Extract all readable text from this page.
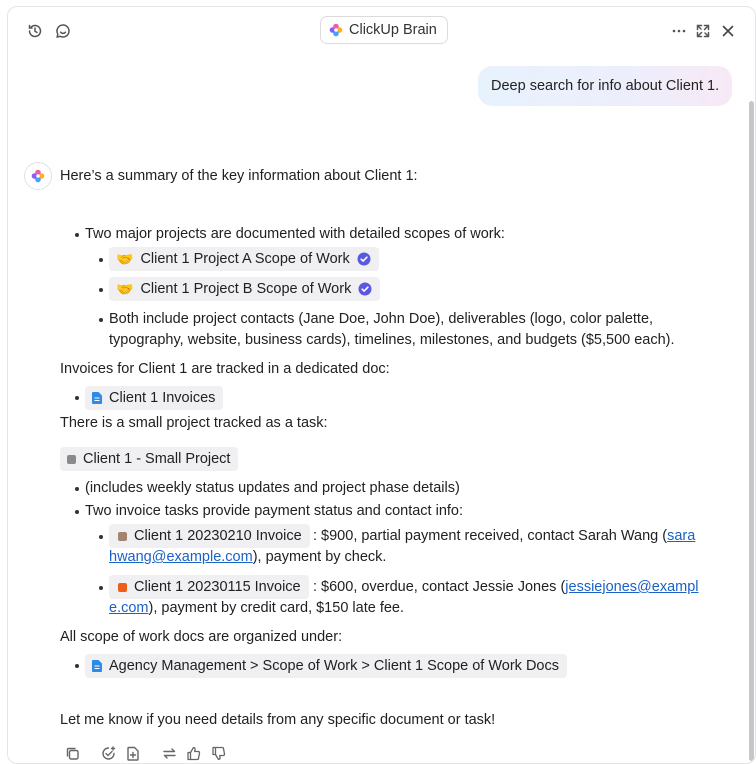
ClickUp Brain
Deep search for info about Client 1.
Here’s a summary of the key information about Client 1:
Two major projects are documented with detailed scopes of work:
🤝 Client 1 Project A Scope of Work
🤝 Client 1 Project B Scope of Work
Both include project contacts (Jane Doe, John Doe), deliverables (logo, color palette,
typography, website, business cards), timelines, milestones, and budgets ($5,500 each).
Invoices for Client 1 are tracked in a dedicated doc:
Client 1 Invoices
There is a small project tracked as a task:
Client 1 - Small Project
(includes weekly status updates and project phase details)
Two invoice tasks provide payment status and contact info:
Client 1 20230210 Invoice : $900, partial payment received, contact Sarah Wang (sara
hwang@example.com), payment by check.
Client 1 20230115 Invoice : $600, overdue, contact Jessie Jones (jessiejones@exampl
e.com), payment by credit card, $150 late fee.
All scope of work docs are organized under:
Agency Management > Scope of Work > Client 1 Scope of Work Docs
Let me know if you need details from any specific document or task!
